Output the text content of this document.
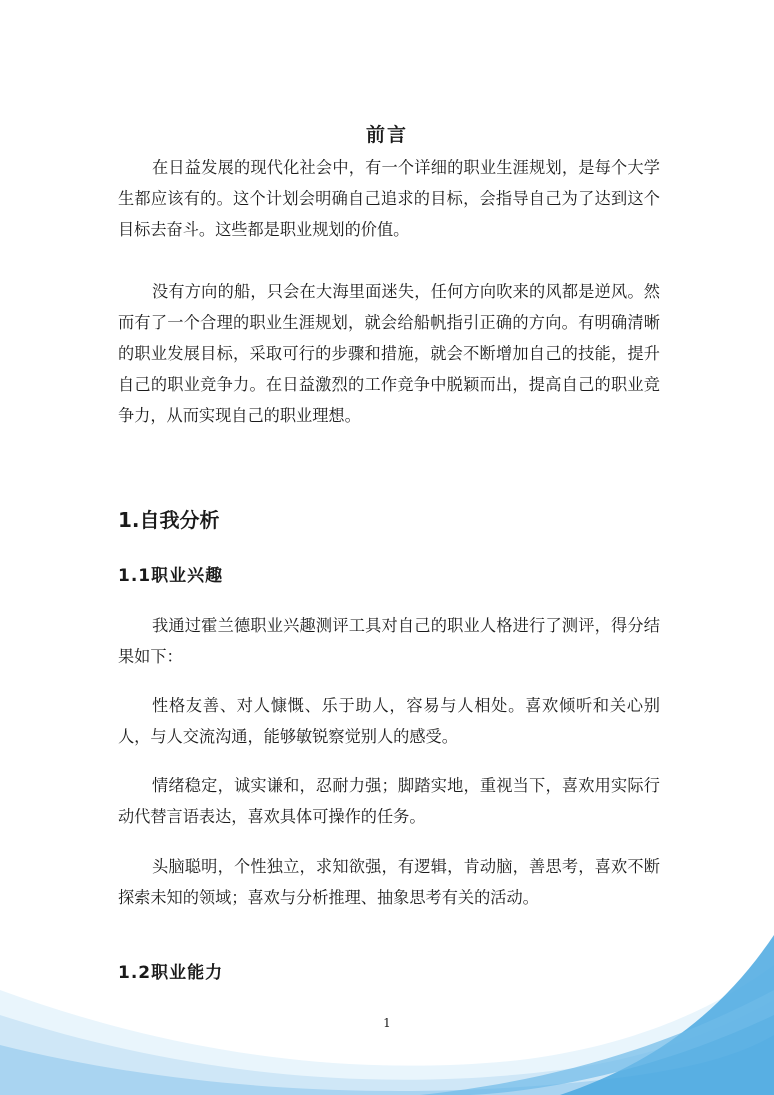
前言

在日益发展的现代化社会中，有一个详细的职业生涯规划，是每个大学生都应该有的。这个计划会明确自己追求的目标，会指导自己为了达到这个目标去奋斗。这些都是职业规划的价值。

没有方向的船，只会在大海里面迷失，任何方向吹来的风都是逆风。然而有了一个合理的职业生涯规划，就会给船帆指引正确的方向。有明确清晰的职业发展目标，采取可行的步骤和措施，就会不断增加自己的技能，提升自己的职业竞争力。在日益激烈的工作竞争中脱颖而出，提高自己的职业竞争力，从而实现自己的职业理想。

1.自我分析
1.1职业兴趣

我通过霍兰德职业兴趣测评工具对自己的职业人格进行了测评，得分结果如下：

性格友善、对人慷慨、乐于助人，容易与人相处。喜欢倾听和关心别人，与人交流沟通，能够敏锐察觉别人的感受。

情绪稳定，诚实谦和，忍耐力强；脚踏实地，重视当下，喜欢用实际行动代替言语表达，喜欢具体可操作的任务。

头脑聪明，个性独立，求知欲强，有逻辑，肯动脑，善思考，喜欢不断探索未知的领域；喜欢与分析推理、抽象思考有关的活动。

1.2职业能力
1
